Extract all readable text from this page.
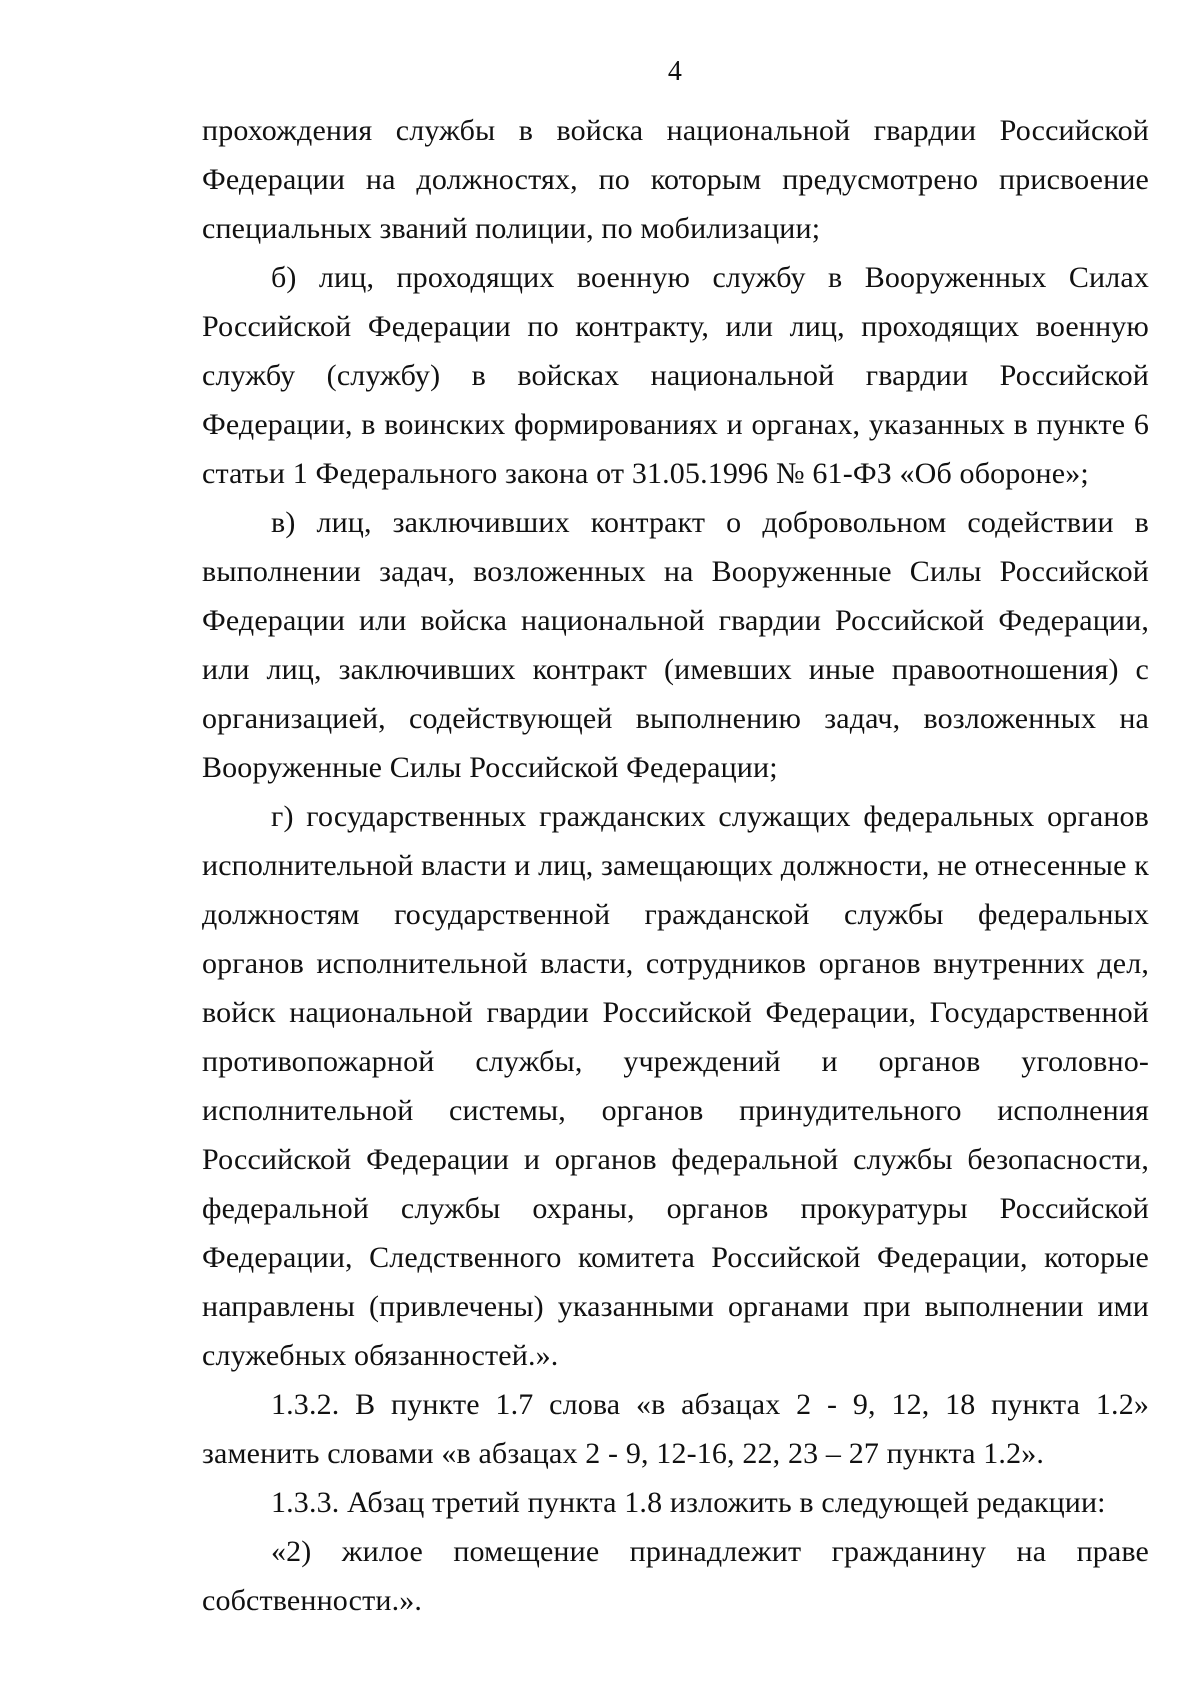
4

прохождения службы в войска национальной гвардии Российской Федерации на должностях, по которым предусмотрено присвоение специальных званий полиции, по мобилизации;

б) лиц, проходящих военную службу в Вооруженных Силах Российской Федерации по контракту, или лиц, проходящих военную службу (службу) в войсках национальной гвардии Российской Федерации, в воинских формированиях и органах, указанных в пункте 6 статьи 1 Федерального закона от 31.05.1996 № 61-ФЗ «Об обороне»;

в) лиц, заключивших контракт о добровольном содействии в выполнении задач, возложенных на Вооруженные Силы Российской Федерации или войска национальной гвардии Российской Федерации, или лиц, заключивших контракт (имевших иные правоотношения) с организацией, содействующей выполнению задач, возложенных на Вооруженные Силы Российской Федерации;

г) государственных гражданских служащих федеральных органов исполнительной власти и лиц, замещающих должности, не отнесенные к должностям государственной гражданской службы федеральных органов исполнительной власти, сотрудников органов внутренних дел, войск национальной гвардии Российской Федерации, Государственной противопожарной службы, учреждений и органов уголовно-исполнительной системы, органов принудительного исполнения Российской Федерации и органов федеральной службы безопасности, федеральной службы охраны, органов прокуратуры Российской Федерации, Следственного комитета Российской Федерации, которые направлены (привлечены) указанными органами при выполнении ими служебных обязанностей.».

1.3.2. В пункте 1.7 слова «в абзацах 2 - 9, 12, 18 пункта 1.2» заменить словами «в абзацах 2 - 9, 12-16, 22, 23 – 27 пункта 1.2».

1.3.3. Абзац третий пункта 1.8 изложить в следующей редакции:

«2) жилое помещение принадлежит гражданину на праве собственности.».
